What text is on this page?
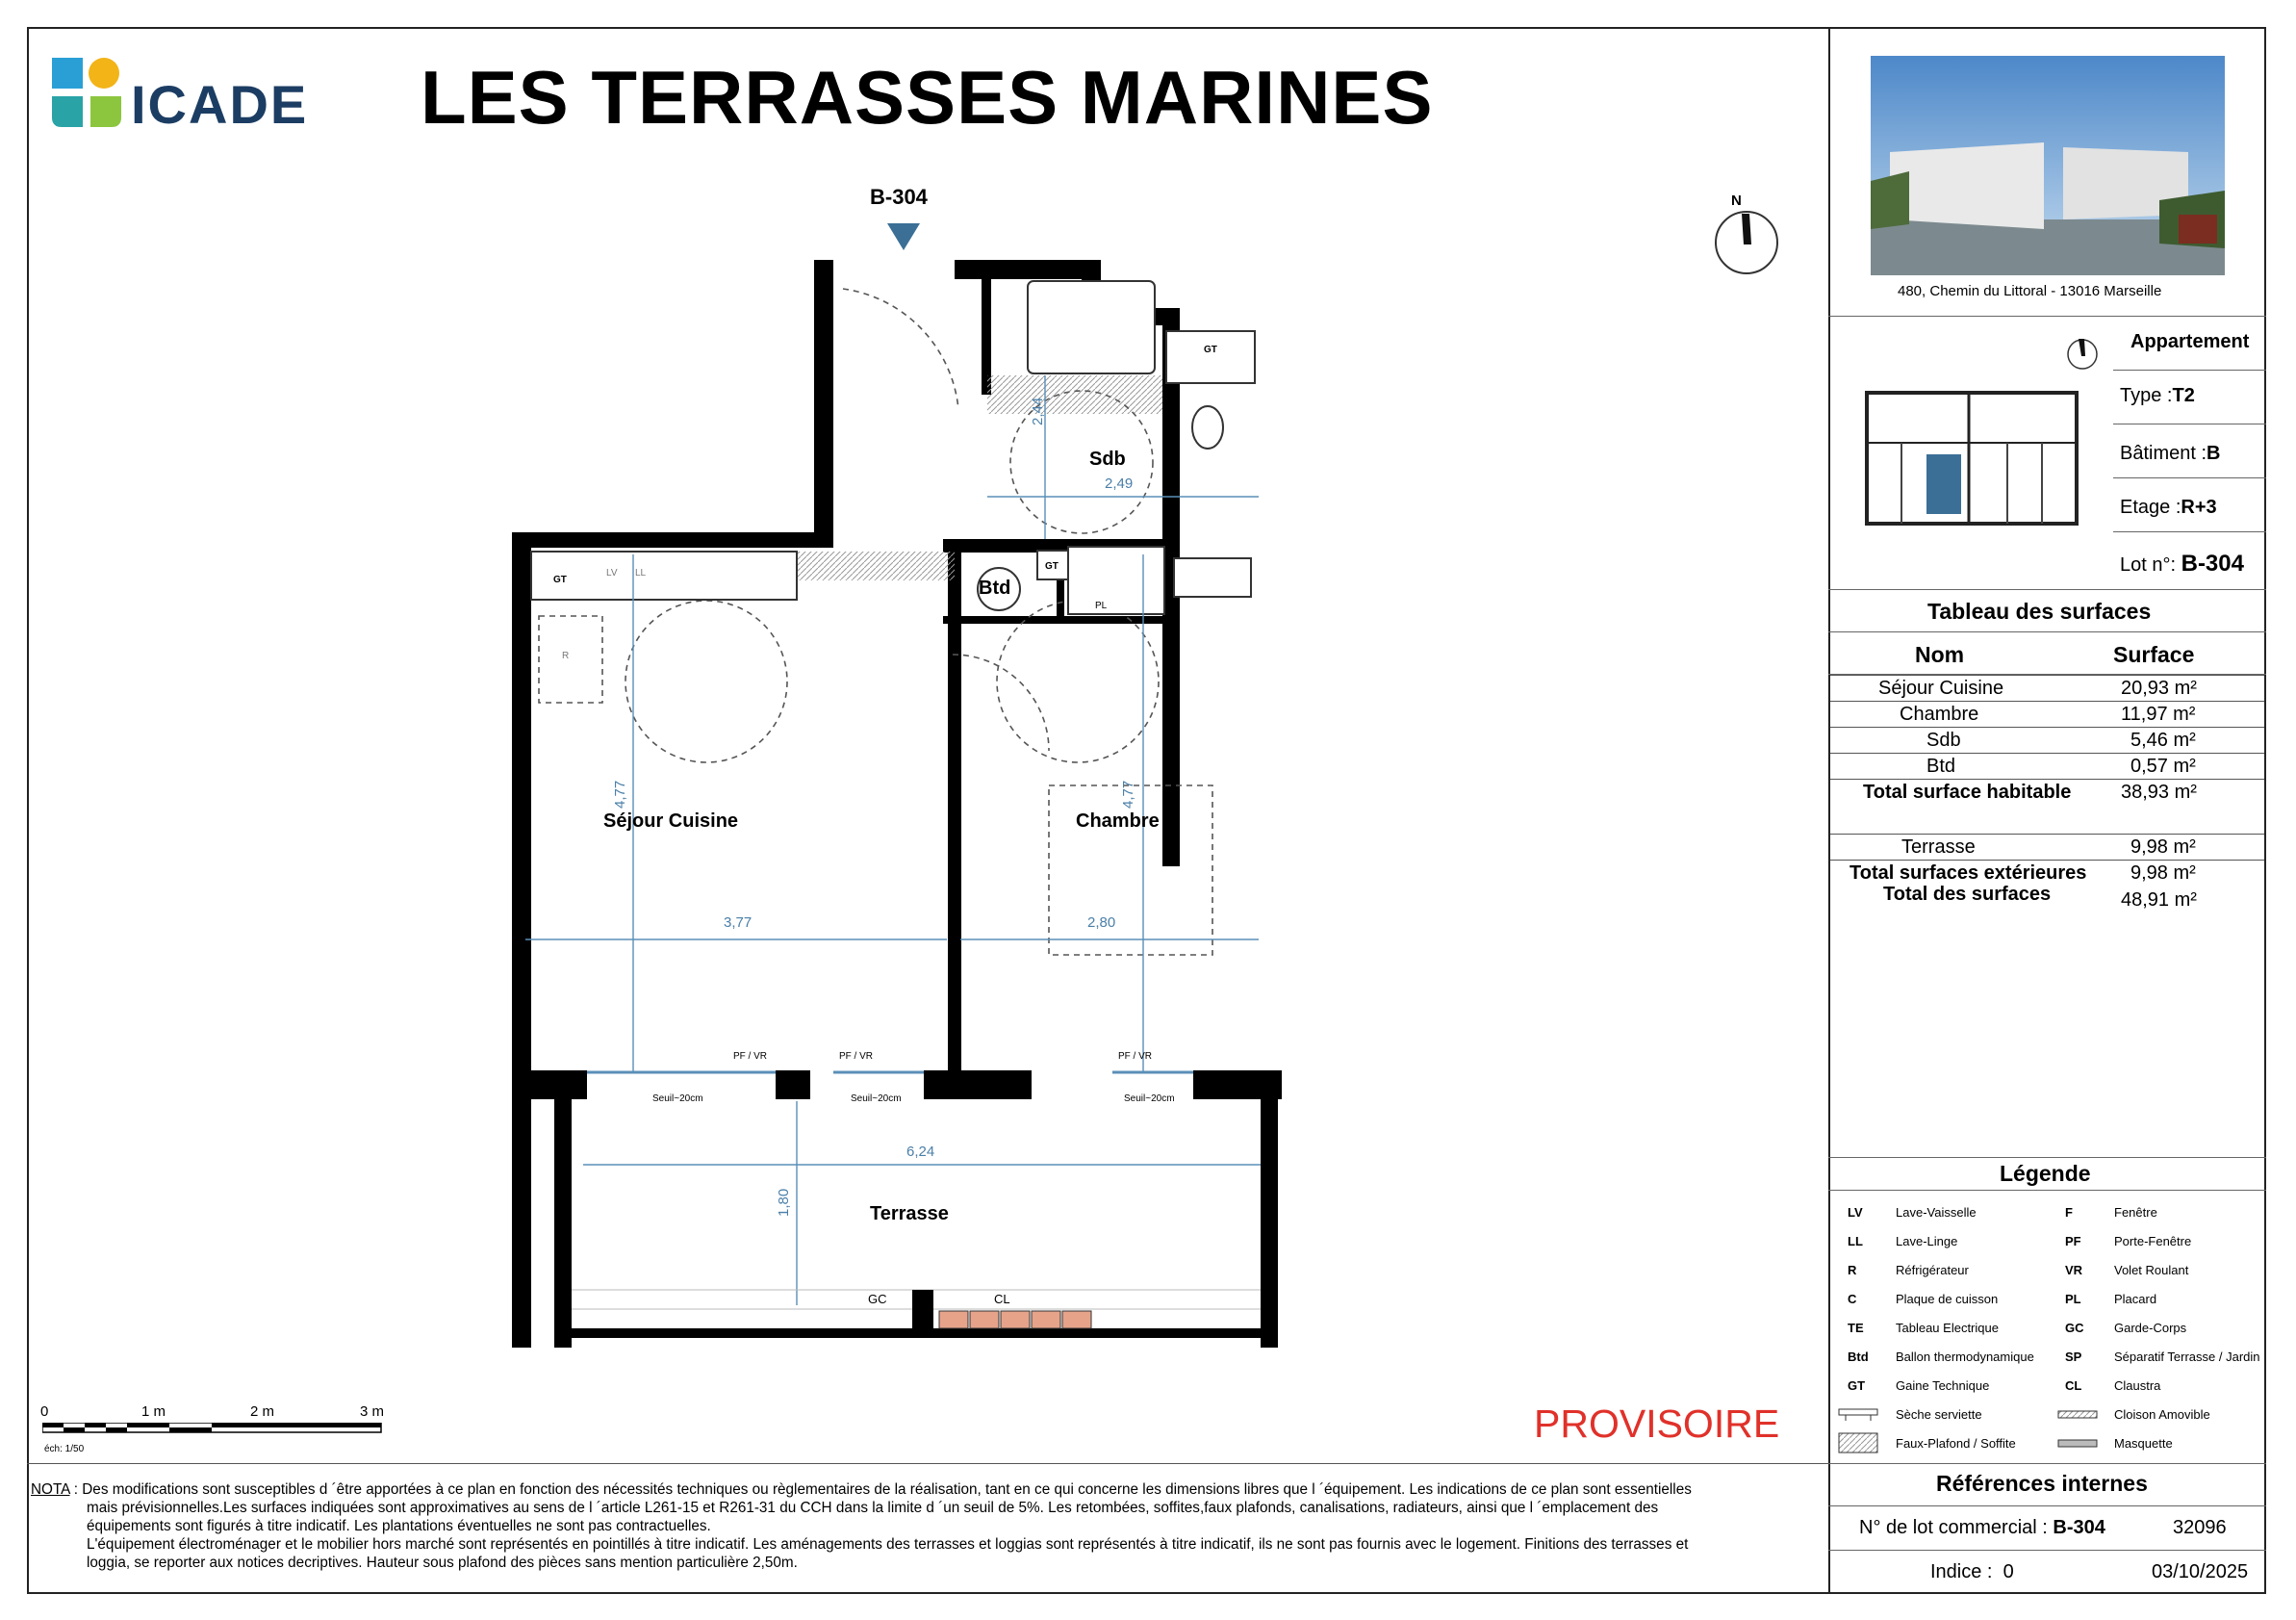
ICADE LES TERRASSES MARINES
B-304	N
Séjour Cuisine	Chambre
Sdb
Btd
Terrasse
GT
GT
GT
PL
R
LV LL
3,77	2,80
4,77	4,77
2,49
2,44
6,24
1,80
PF / VR	PF / VR	PF / VR
Seuil~20cm	Seuil~20cm	Seuil~20cm
GC	CL
0	1 m	2 m	3 m
éch: 1/50
PROVISOIRE
NOTA : Des modifications sont susceptibles d ´être apportées à ce plan en fonction des nécessités techniques ou règlementaires de la réalisation, tant en ce qui concerne les dimensions libres que l ´équipement. Les indications de ce plan sont essentielles
mais prévisionnelles.Les surfaces indiquées sont approximatives au sens de l ´article L261-15 et R261-31 du CCH dans la limite d ´un seuil de 5%. Les retombées, soffites,faux plafonds, canalisations, radiateurs, ainsi que l ´emplacement des
équipements sont figurés à titre indicatif. Les plantations éventuelles ne sont pas contractuelles.
L'équipement électroménager et le mobilier hors marché sont représentés en pointillés à titre indicatif. Les aménagements des terrasses et loggias sont représentés à titre indicatif, ils ne sont pas fournis avec le logement. Finitions des terrasses et
loggia, se reporter aux notices decriptives. Hauteur sous plafond des pièces sans mention particulière 2,50m.
480, Chemin du Littoral - 13016 Marseille
Appartement
Type :T2
Bâtiment :B
Etage :R+3
Lot n°: B-304
Tableau des surfaces
Nom	Surface
Séjour Cuisine	20,93 m²
Chambre	11,97 m²
Sdb	5,46 m²
Btd	0,57 m²
Total surface habitable	38,93 m²
Terrasse	9,98 m²
Total surfaces extérieures 9,98 m²
Total des surfaces	48,91 m²
Légende
LV	Lave-Vaisselle
LL	Lave-Linge
R	Réfrigérateur
C	Plaque de cuisson
TE	Tableau Electrique
Btd Ballon thermodynamique
GT Gaine Technique
Sèche serviette
Faux-Plafond / Soffite
F	Fenêtre
PF	Porte-Fenêtre
VR	Volet Roulant
PL	Placard
GC Garde-Corps
SP	Séparatif Terrasse / Jardin
CL	Claustra
Cloison Amovible
Masquette
Références internes
N° de lot commercial : B-304	32096
Indice : 0	03/10/2025
